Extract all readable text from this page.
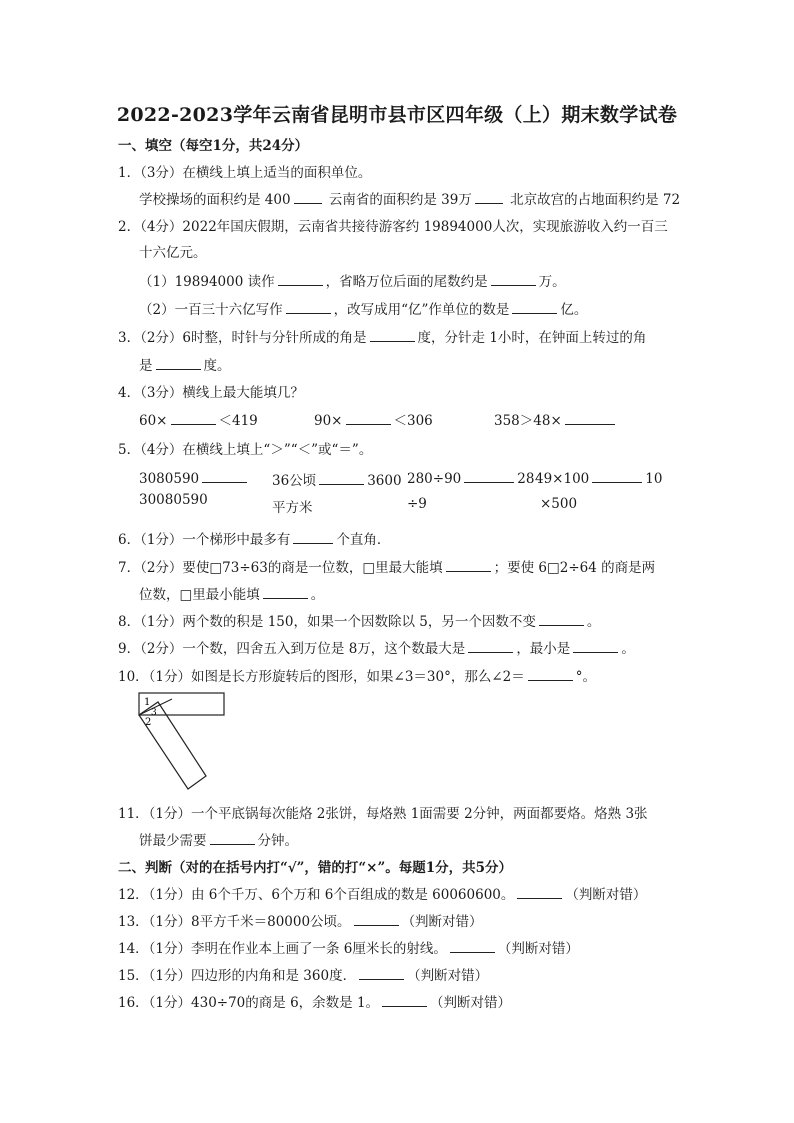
2022-2023学年云南省昆明市县市区四年级（上）期末数学试卷
一、填空（每空1分，共24分）
1．（3分）在横线上填上适当的面积单位。
学校操场的面积约是 400	云南省的面积约是 39万	北京故宫的占地面积约是 72
2．（4分）2022年国庆假期，云南省共接待游客约 19894000人次，实现旅游收入约一百三
十六亿元。
（1）19894000 读作	，省略万位后面的尾数约是	万。
（2）一百三十六亿写作	，改写成用“亿”作单位的数是	亿。
3．（2分）6时整，时针与分针所成的角是	度，分针走 1小时，在钟面上转过的角
是	度。
4．（3分）横线上最大能填几？
60×	＜419	90×	＜306	358＞48×
5．（4分）在横线上填上“＞”“＜”或“＝”。
3080590
30080590
36公顷	3600
平方米
280÷90	28
÷9
49×100	10
×500
6．（1分）一个梯形中最多有	个直角．
7．（2分）要使□73÷63的商是一位数，□里最大能填	；要使 6□2÷64 的商是两
位数，□里最小能填	。
8．（1分）两个数的积是 150，如果一个因数除以 5，另一个因数不变	。
9．（2分）一个数，四舍五入到万位是 8万，这个数最大是	，最小是	。
10．（1分）如图是长方形旋转后的图形，如果∠3＝30°，那么∠2＝	°。
1
3
2
11．（1分）一个平底锅每次能烙 2张饼，每烙熟 1面需要 2分钟，两面都要烙。烙熟 3张
饼最少需要	分钟。
二、判断（对的在括号内打“√”，错的打“×”。每题1分，共5分）
12．（1分）由 6个千万、6个万和 6个百组成的数是 60060600。	（判断对错）
13．（1分）8平方千米＝80000公顷。	（判断对错）
14．（1分）李明在作业本上画了一条 6厘米长的射线。	（判断对错）
15．（1分）四边形的内角和是 360度．	（判断对错）
16．（1分）430÷70的商是 6，余数是 1。	（判断对错）
